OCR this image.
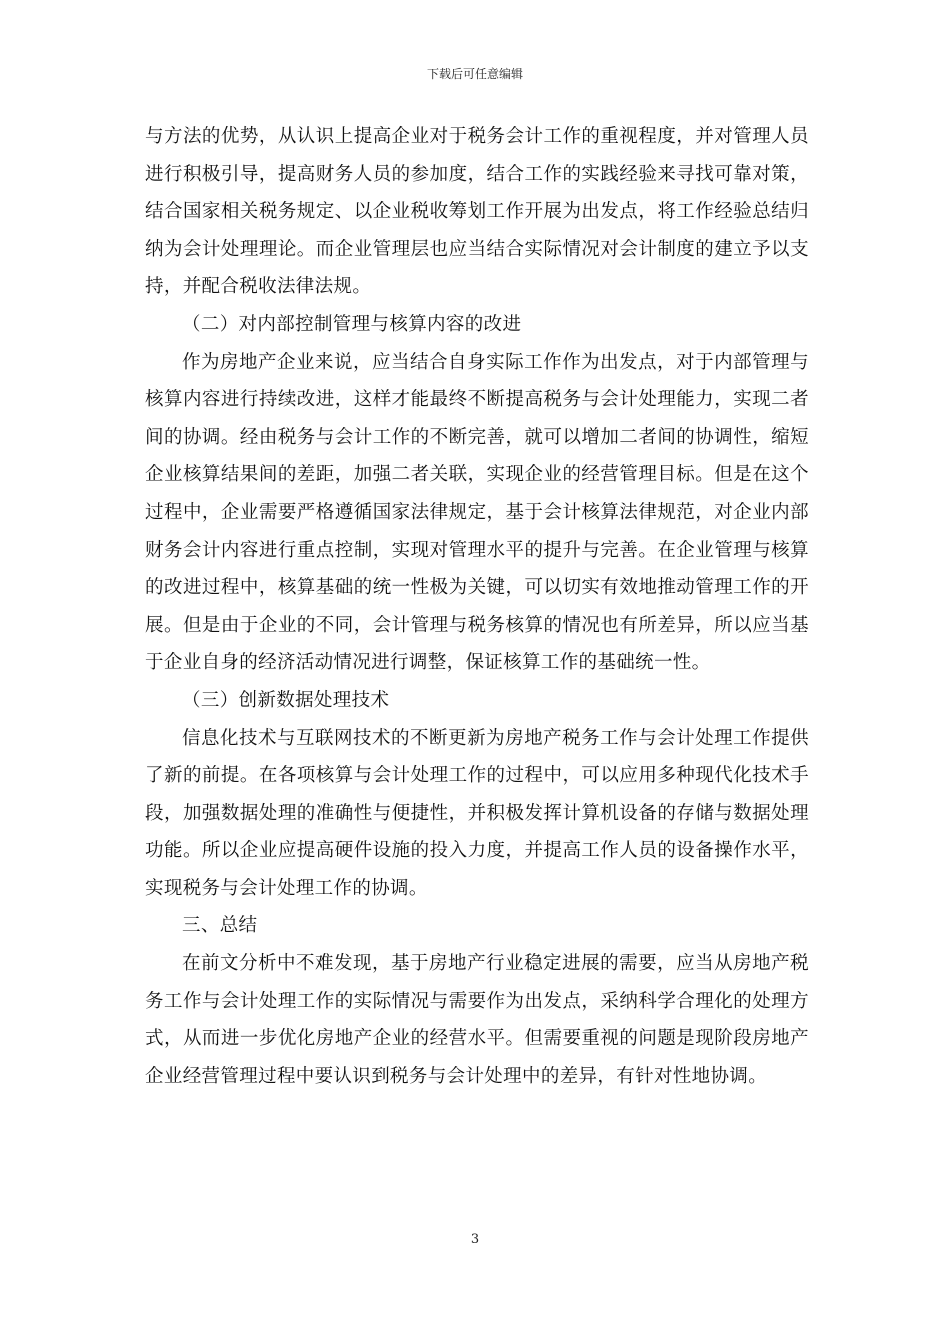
下载后可任意编辑

与方法的优势，从认识上提高企业对于税务会计工作的重视程度，并对管理人员进行积极引导，提高财务人员的参加度，结合工作的实践经验来寻找可靠对策，结合国家相关税务规定、以企业税收筹划工作开展为出发点，将工作经验总结归纳为会计处理理论。而企业管理层也应当结合实际情况对会计制度的建立予以支持，并配合税收法律法规。

（二）对内部控制管理与核算内容的改进

作为房地产企业来说，应当结合自身实际工作作为出发点，对于内部管理与核算内容进行持续改进，这样才能最终不断提高税务与会计处理能力，实现二者间的协调。经由税务与会计工作的不断完善，就可以增加二者间的协调性，缩短企业核算结果间的差距，加强二者关联，实现企业的经营管理目标。但是在这个过程中，企业需要严格遵循国家法律规定，基于会计核算法律规范，对企业内部财务会计内容进行重点控制，实现对管理水平的提升与完善。在企业管理与核算的改进过程中，核算基础的统一性极为关键，可以切实有效地推动管理工作的开展。但是由于企业的不同，会计管理与税务核算的情况也有所差异，所以应当基于企业自身的经济活动情况进行调整，保证核算工作的基础统一性。

（三）创新数据处理技术

信息化技术与互联网技术的不断更新为房地产税务工作与会计处理工作提供了新的前提。在各项核算与会计处理工作的过程中，可以应用多种现代化技术手段，加强数据处理的准确性与便捷性，并积极发挥计算机设备的存储与数据处理功能。所以企业应提高硬件设施的投入力度，并提高工作人员的设备操作水平，实现税务与会计处理工作的协调。

三、总结

在前文分析中不难发现，基于房地产行业稳定进展的需要，应当从房地产税务工作与会计处理工作的实际情况与需要作为出发点，采纳科学合理化的处理方式，从而进一步优化房地产企业的经营水平。但需要重视的问题是现阶段房地产企业经营管理过程中要认识到税务与会计处理中的差异，有针对性地协调。

3
